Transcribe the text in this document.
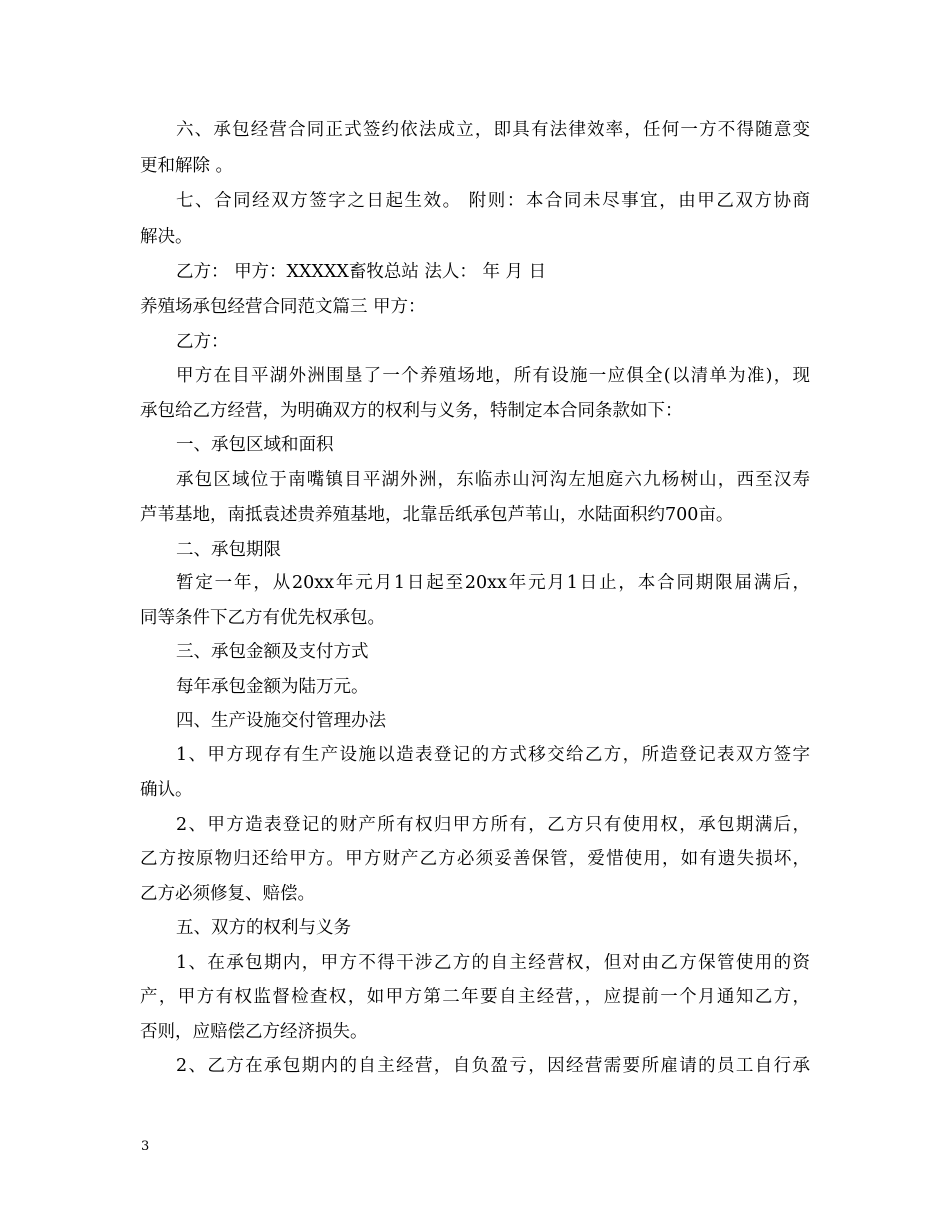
六、承包经营合同正式签约依法成立，即具有法律效率，任何一方不得随意变
更和解除 。
七、合同经双方签字之日起生效。 附则：本合同未尽事宜，由甲乙双方协商
解决。
乙方： 甲方：XXXXX畜牧总站 法人： 年 月 日
养殖场承包经营合同范文篇三 甲方：
乙方：
甲方在目平湖外洲围垦了一个养殖场地，所有设施一应俱全(以清单为准)，现
承包给乙方经营，为明确双方的权利与义务，特制定本合同条款如下：
一、承包区域和面积
承包区域位于南嘴镇目平湖外洲，东临赤山河沟左旭庭六九杨树山，西至汉寿
芦苇基地，南抵袁述贵养殖基地，北靠岳纸承包芦苇山，水陆面积约700亩。
二、承包期限
暂定一年，从20xx年元月1日起至20xx年元月1日止，本合同期限届满后，
同等条件下乙方有优先权承包。
三、承包金额及支付方式
每年承包金额为陆万元。
四、生产设施交付管理办法
1、甲方现存有生产设施以造表登记的方式移交给乙方，所造登记表双方签字
确认。
2、甲方造表登记的财产所有权归甲方所有，乙方只有使用权，承包期满后，
乙方按原物归还给甲方。甲方财产乙方必须妥善保管，爱惜使用，如有遗失损坏，
乙方必须修复、赔偿。
五、双方的权利与义务
1、在承包期内，甲方不得干涉乙方的自主经营权，但对由乙方保管使用的资
产，甲方有权监督检查权，如甲方第二年要自主经营，，应提前一个月通知乙方，
否则，应赔偿乙方经济损失。
2、乙方在承包期内的自主经营，自负盈亏，因经营需要所雇请的员工自行承
3
